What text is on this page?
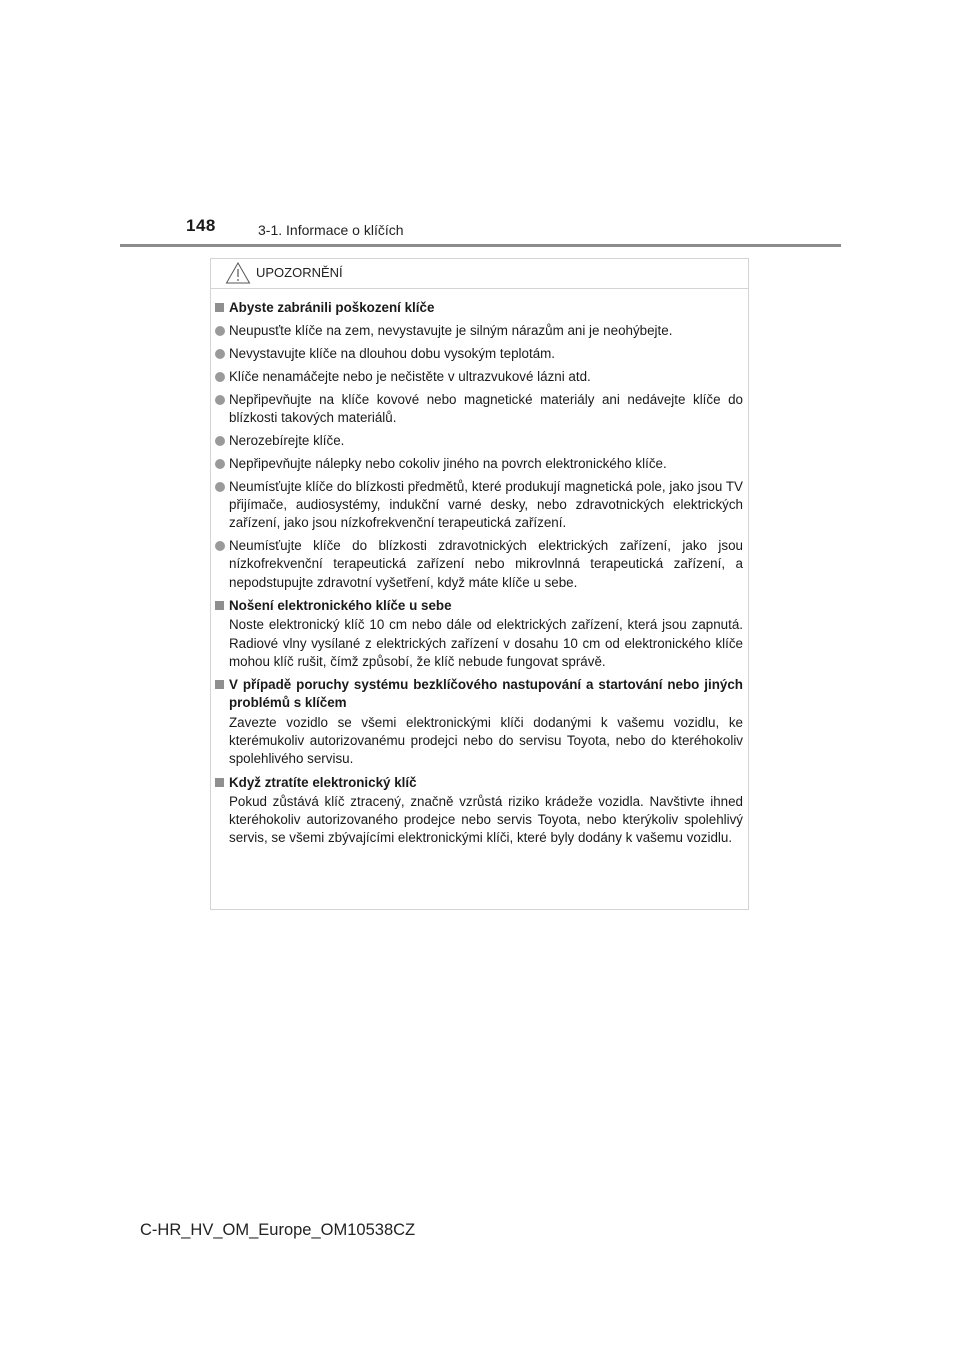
148	3-1. Informace o klíčích
UPOZORNĚNÍ
Abyste zabránili poškození klíče
Neupusťte klíče na zem, nevystavujte je silným nárazům ani je neohýbejte.
Nevystavujte klíče na dlouhou dobu vysokým teplotám.
Klíče nenamáčejte nebo je nečistěte v ultrazvukové lázni atd.
Nepřipevňujte na klíče kovové nebo magnetické materiály ani nedávejte klíče do blízkosti takových materiálů.
Nerozebírejte klíče.
Nepřipevňujte nálepky nebo cokoliv jiného na povrch elektronického klíče.
Neumísťujte klíče do blízkosti předmětů, které produkují magnetická pole, jako jsou TV přijímače, audiosystémy, indukční varné desky, nebo zdravotnických elektrických zařízení, jako jsou nízkofrekvenční terapeutická zařízení.
Neumísťujte klíče do blízkosti zdravotnických elektrických zařízení, jako jsou nízkofrekvenční terapeutická zařízení nebo mikrovlnná terapeutická zařízení, a nepodstupujte zdravotní vyšetření, když máte klíče u sebe.
Nošení elektronického klíče u sebe
Noste elektronický klíč 10 cm nebo dále od elektrických zařízení, která jsou zapnutá. Radiové vlny vysílané z elektrických zařízení v dosahu 10 cm od elektronického klíče mohou klíč rušit, čímž způsobí, že klíč nebude fungovat správě.
V případě poruchy systému bezklíčového nastupování a startování nebo jiných problémů s klíčem
Zavezte vozidlo se všemi elektronickými klíči dodanými k vašemu vozidlu, ke kterémukoliv autorizovanému prodejci nebo do servisu Toyota, nebo do kteréhokoliv spolehlivého servisu.
Když ztratíte elektronický klíč
Pokud zůstává klíč ztracený, značně vzrůstá riziko krádeže vozidla. Navštivte ihned kteréhokoliv autorizovaného prodejce nebo servis Toyota, nebo kterýkoliv spolehlivý servis, se všemi zbývajícími elektronickými klíči, které byly dodány k vašemu vozidlu.
C-HR_HV_OM_Europe_OM10538CZ
